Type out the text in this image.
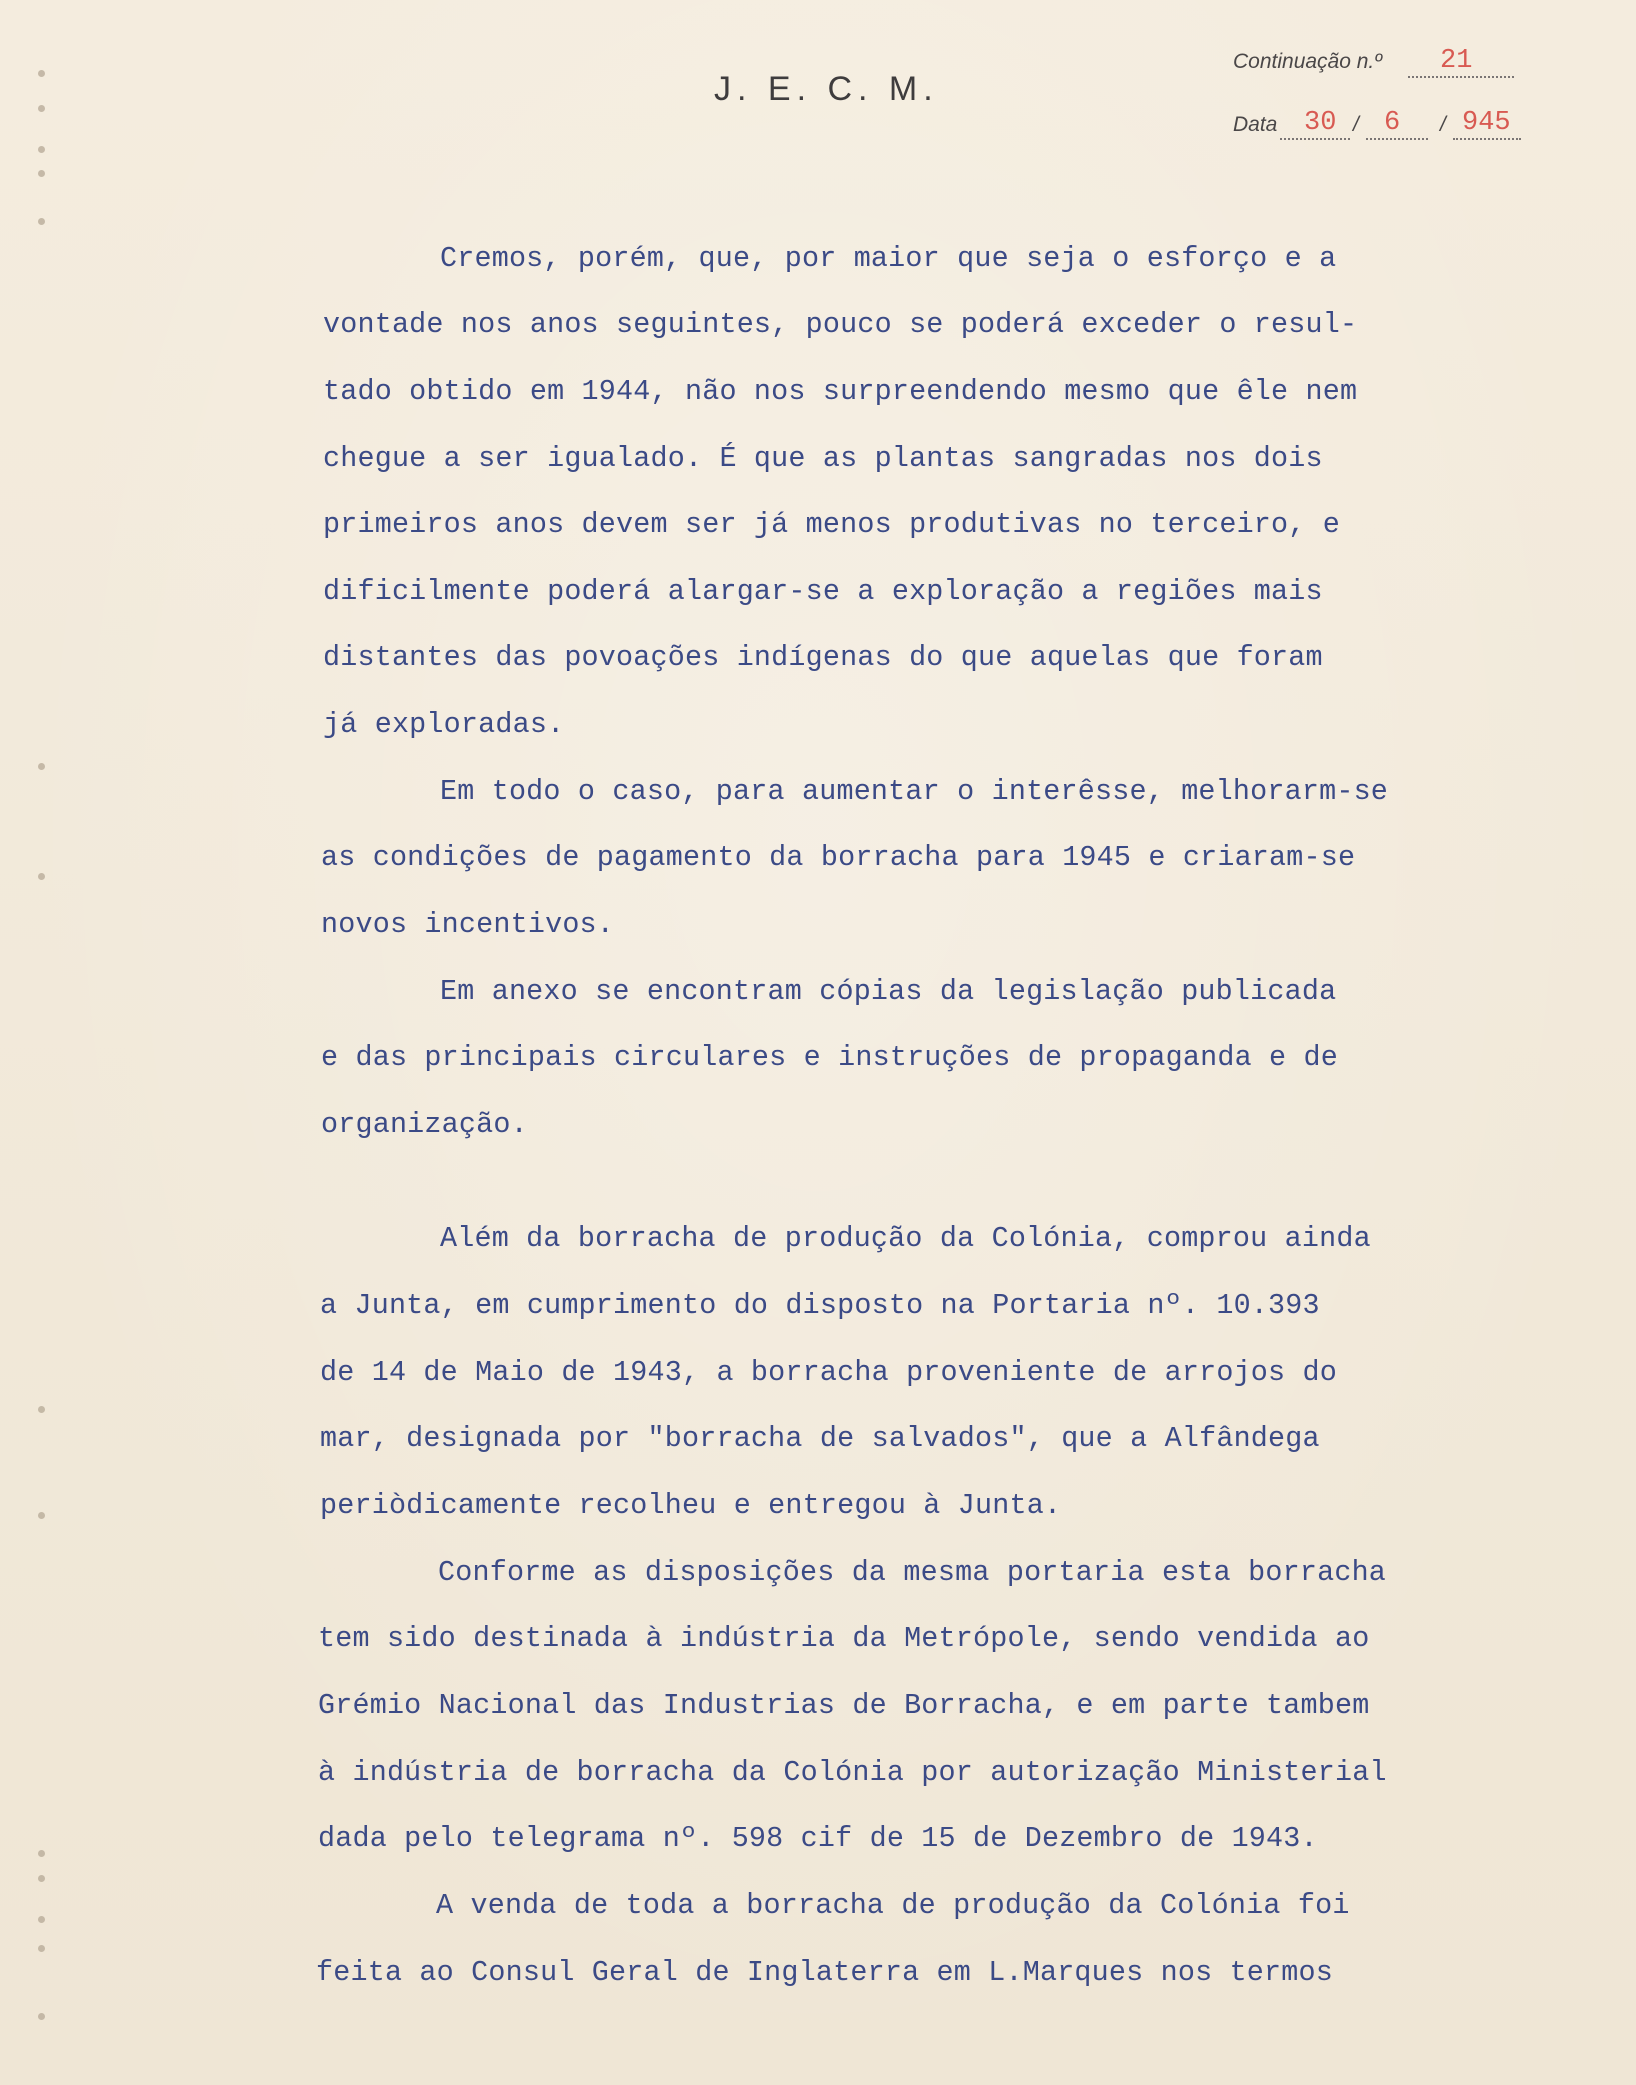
J. E. C. M.
Continuação n.º 21
Data 30 / 6 / 945
Cremos, porém, que, por maior que seja o esforço e a
vontade nos anos seguintes, pouco se poderá exceder o resul-
tado obtido em 1944, não nos surpreendendo mesmo que êle nem
chegue a ser igualado. É que as plantas sangradas nos dois
primeiros anos devem ser já menos produtivas no terceiro, e
dificilmente poderá alargar-se a exploração a regiões mais
distantes das povoações indígenas do que aquelas que foram
já exploradas.
Em todo o caso, para aumentar o interêsse, melhorarm-se
as condições de pagamento da borracha para 1945 e criaram-se
novos incentivos.
Em anexo se encontram cópias da legislação publicada
e das principais circulares e instruções de propaganda e de
organização.
Além da borracha de produção da Colónia, comprou ainda
a Junta, em cumprimento do disposto na Portaria nº. 10.393
de 14 de Maio de 1943, a borracha proveniente de arrojos do
mar, designada por "borracha de salvados", que a Alfândega
periòdicamente recolheu e entregou à Junta.
Conforme as disposições da mesma portaria esta borracha
tem sido destinada à indústria da Metrópole, sendo vendida ao
Grémio Nacional das Industrias de Borracha, e em parte tambem
à indústria de borracha da Colónia por autorização Ministerial
dada pelo telegrama nº. 598 cif de 15 de Dezembro de 1943.
A venda de toda a borracha de produção da Colónia foi
feita ao Consul Geral de Inglaterra em L.Marques nos termos
